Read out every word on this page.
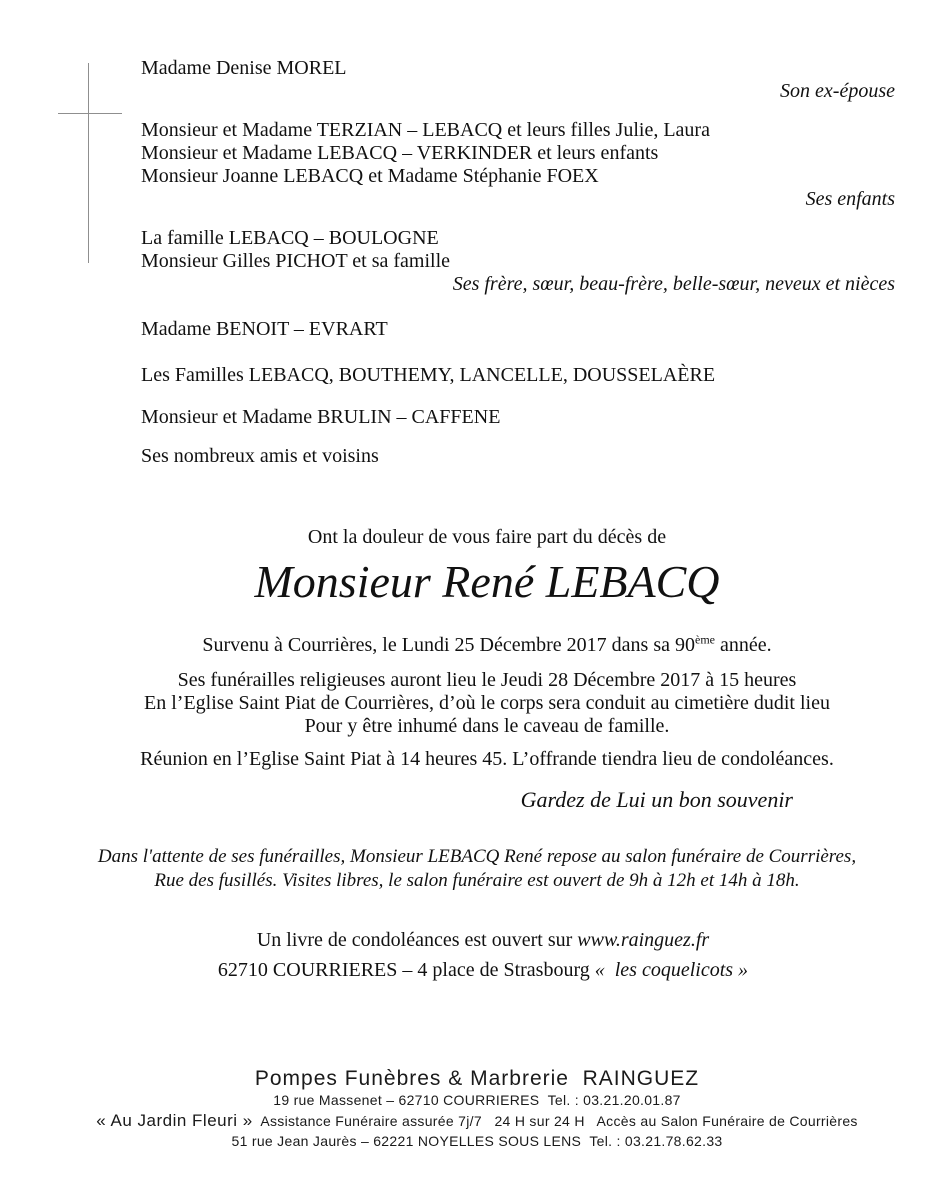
Madame Denise MOREL
Son ex-épouse
Monsieur et Madame TERZIAN – LEBACQ et leurs filles Julie, Laura
Monsieur et Madame LEBACQ – VERKINDER et leurs enfants
Monsieur Joanne LEBACQ et Madame Stéphanie FOEX
Ses enfants
La famille LEBACQ – BOULOGNE
Monsieur Gilles PICHOT et sa famille
Ses frère, sœur, beau-frère, belle-sœur, neveux et nièces
Madame BENOIT – EVRART
Les Familles LEBACQ, BOUTHEMY, LANCELLE, DOUSSELAÈRE
Monsieur et Madame BRULIN – CAFFENE
Ses nombreux amis et voisins
Ont la douleur de vous faire part du décès de
Monsieur René LEBACQ
Survenu à Courrières, le Lundi 25 Décembre 2017 dans sa 90ème année.
Ses funérailles religieuses auront lieu le Jeudi 28 Décembre 2017 à 15 heures
En l’Eglise Saint Piat de Courrières, d’où le corps sera conduit au cimetière dudit lieu
Pour y être inhumé dans le caveau de famille.
Réunion en l’Eglise Saint Piat à 14 heures 45. L’offrande tiendra lieu de condoléances.
Gardez de Lui un bon souvenir
Dans l'attente de ses funérailles, Monsieur LEBACQ René repose au salon funéraire de Courrières,
Rue des fusillés. Visites libres, le salon funéraire est ouvert de 9h à 12h et 14h à 18h.
Un livre de condoléances est ouvert sur www.rainguez.fr
62710 COURRIERES – 4 place de Strasbourg «  les coquelicots »
Pompes Funèbres & Marbrerie  RAINGUEZ
19 rue Massenet – 62710 COURRIERES  Tel. : 03.21.20.01.87
« Au Jardin Fleuri »  Assistance Funéraire assurée 7j/7   24 H sur 24 H   Accès au Salon Funéraire de Courrières
51 rue Jean Jaurès – 62221 NOYELLES SOUS LENS  Tel. : 03.21.78.62.33
